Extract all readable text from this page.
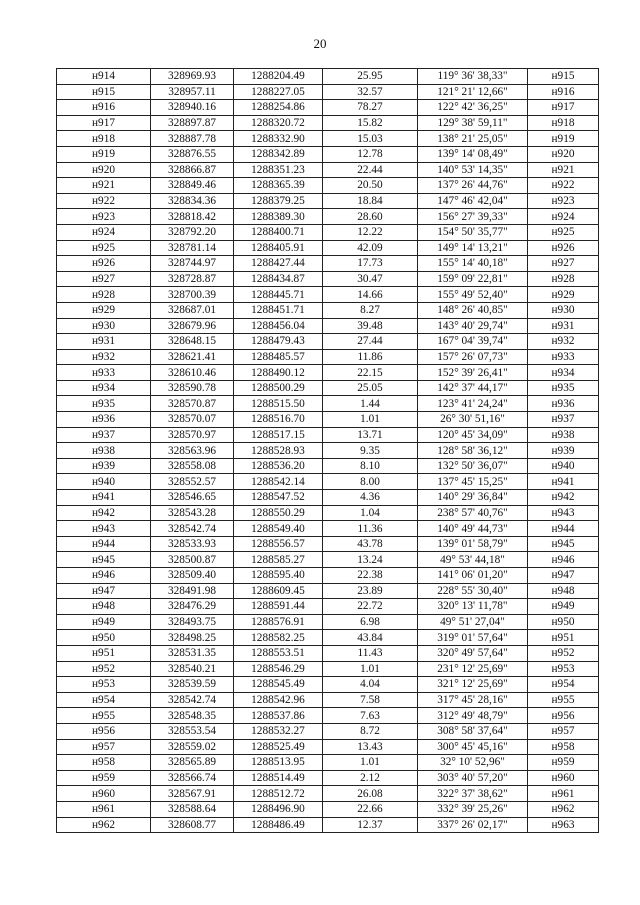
20
н914	328969.93	1288204.49	25.95	119° 36' 38,33"	н915
н915	328957.11	1288227.05	32.57	121° 21' 12,66"	н916
н916	328940.16	1288254.86	78.27	122° 42' 36,25"	н917
н917	328897.87	1288320.72	15.82	129° 38' 59,11"	н918
н918	328887.78	1288332.90	15.03	138° 21' 25,05"	н919
н919	328876.55	1288342.89	12.78	139° 14' 08,49"	н920
н920	328866.87	1288351.23	22.44	140° 53' 14,35"	н921
н921	328849.46	1288365.39	20.50	137° 26' 44,76"	н922
н922	328834.36	1288379.25	18.84	147° 46' 42,04"	н923
н923	328818.42	1288389.30	28.60	156° 27' 39,33"	н924
н924	328792.20	1288400.71	12.22	154° 50' 35,77"	н925
н925	328781.14	1288405.91	42.09	149° 14' 13,21"	н926
н926	328744.97	1288427.44	17.73	155° 14' 40,18"	н927
н927	328728.87	1288434.87	30.47	159° 09' 22,81"	н928
н928	328700.39	1288445.71	14.66	155° 49' 52,40"	н929
н929	328687.01	1288451.71	8.27	148° 26' 40,85"	н930
н930	328679.96	1288456.04	39.48	143° 40' 29,74"	н931
н931	328648.15	1288479.43	27.44	167° 04' 39,74"	н932
н932	328621.41	1288485.57	11.86	157° 26' 07,73"	н933
н933	328610.46	1288490.12	22.15	152° 39' 26,41"	н934
н934	328590.78	1288500.29	25.05	142° 37' 44,17"	н935
н935	328570.87	1288515.50	1.44	123° 41' 24,24"	н936
н936	328570.07	1288516.70	1.01	26° 30' 51,16"	н937
н937	328570.97	1288517.15	13.71	120° 45' 34,09"	н938
н938	328563.96	1288528.93	9.35	128° 58' 36,12"	н939
н939	328558.08	1288536.20	8.10	132° 50' 36,07"	н940
н940	328552.57	1288542.14	8.00	137° 45' 15,25"	н941
н941	328546.65	1288547.52	4.36	140° 29' 36,84"	н942
н942	328543.28	1288550.29	1.04	238° 57' 40,76"	н943
н943	328542.74	1288549.40	11.36	140° 49' 44,73"	н944
н944	328533.93	1288556.57	43.78	139° 01' 58,79"	н945
н945	328500.87	1288585.27	13.24	49° 53' 44,18"	н946
н946	328509.40	1288595.40	22.38	141° 06' 01,20"	н947
н947	328491.98	1288609.45	23.89	228° 55' 30,40"	н948
н948	328476.29	1288591.44	22.72	320° 13' 11,78"	н949
н949	328493.75	1288576.91	6.98	49° 51' 27,04"	н950
н950	328498.25	1288582.25	43.84	319° 01' 57,64"	н951
н951	328531.35	1288553.51	11.43	320° 49' 57,64"	н952
н952	328540.21	1288546.29	1.01	231° 12' 25,69"	н953
н953	328539.59	1288545.49	4.04	321° 12' 25,69"	н954
н954	328542.74	1288542.96	7.58	317° 45' 28,16"	н955
н955	328548.35	1288537.86	7.63	312° 49' 48,79"	н956
н956	328553.54	1288532.27	8.72	308° 58' 37,64"	н957
н957	328559.02	1288525.49	13.43	300° 45' 45,16"	н958
н958	328565.89	1288513.95	1.01	32° 10' 52,96"	н959
н959	328566.74	1288514.49	2.12	303° 40' 57,20"	н960
н960	328567.91	1288512.72	26.08	322° 37' 38,62"	н961
н961	328588.64	1288496.90	22.66	332° 39' 25,26"	н962
н962	328608.77	1288486.49	12.37	337° 26' 02,17"	н963
